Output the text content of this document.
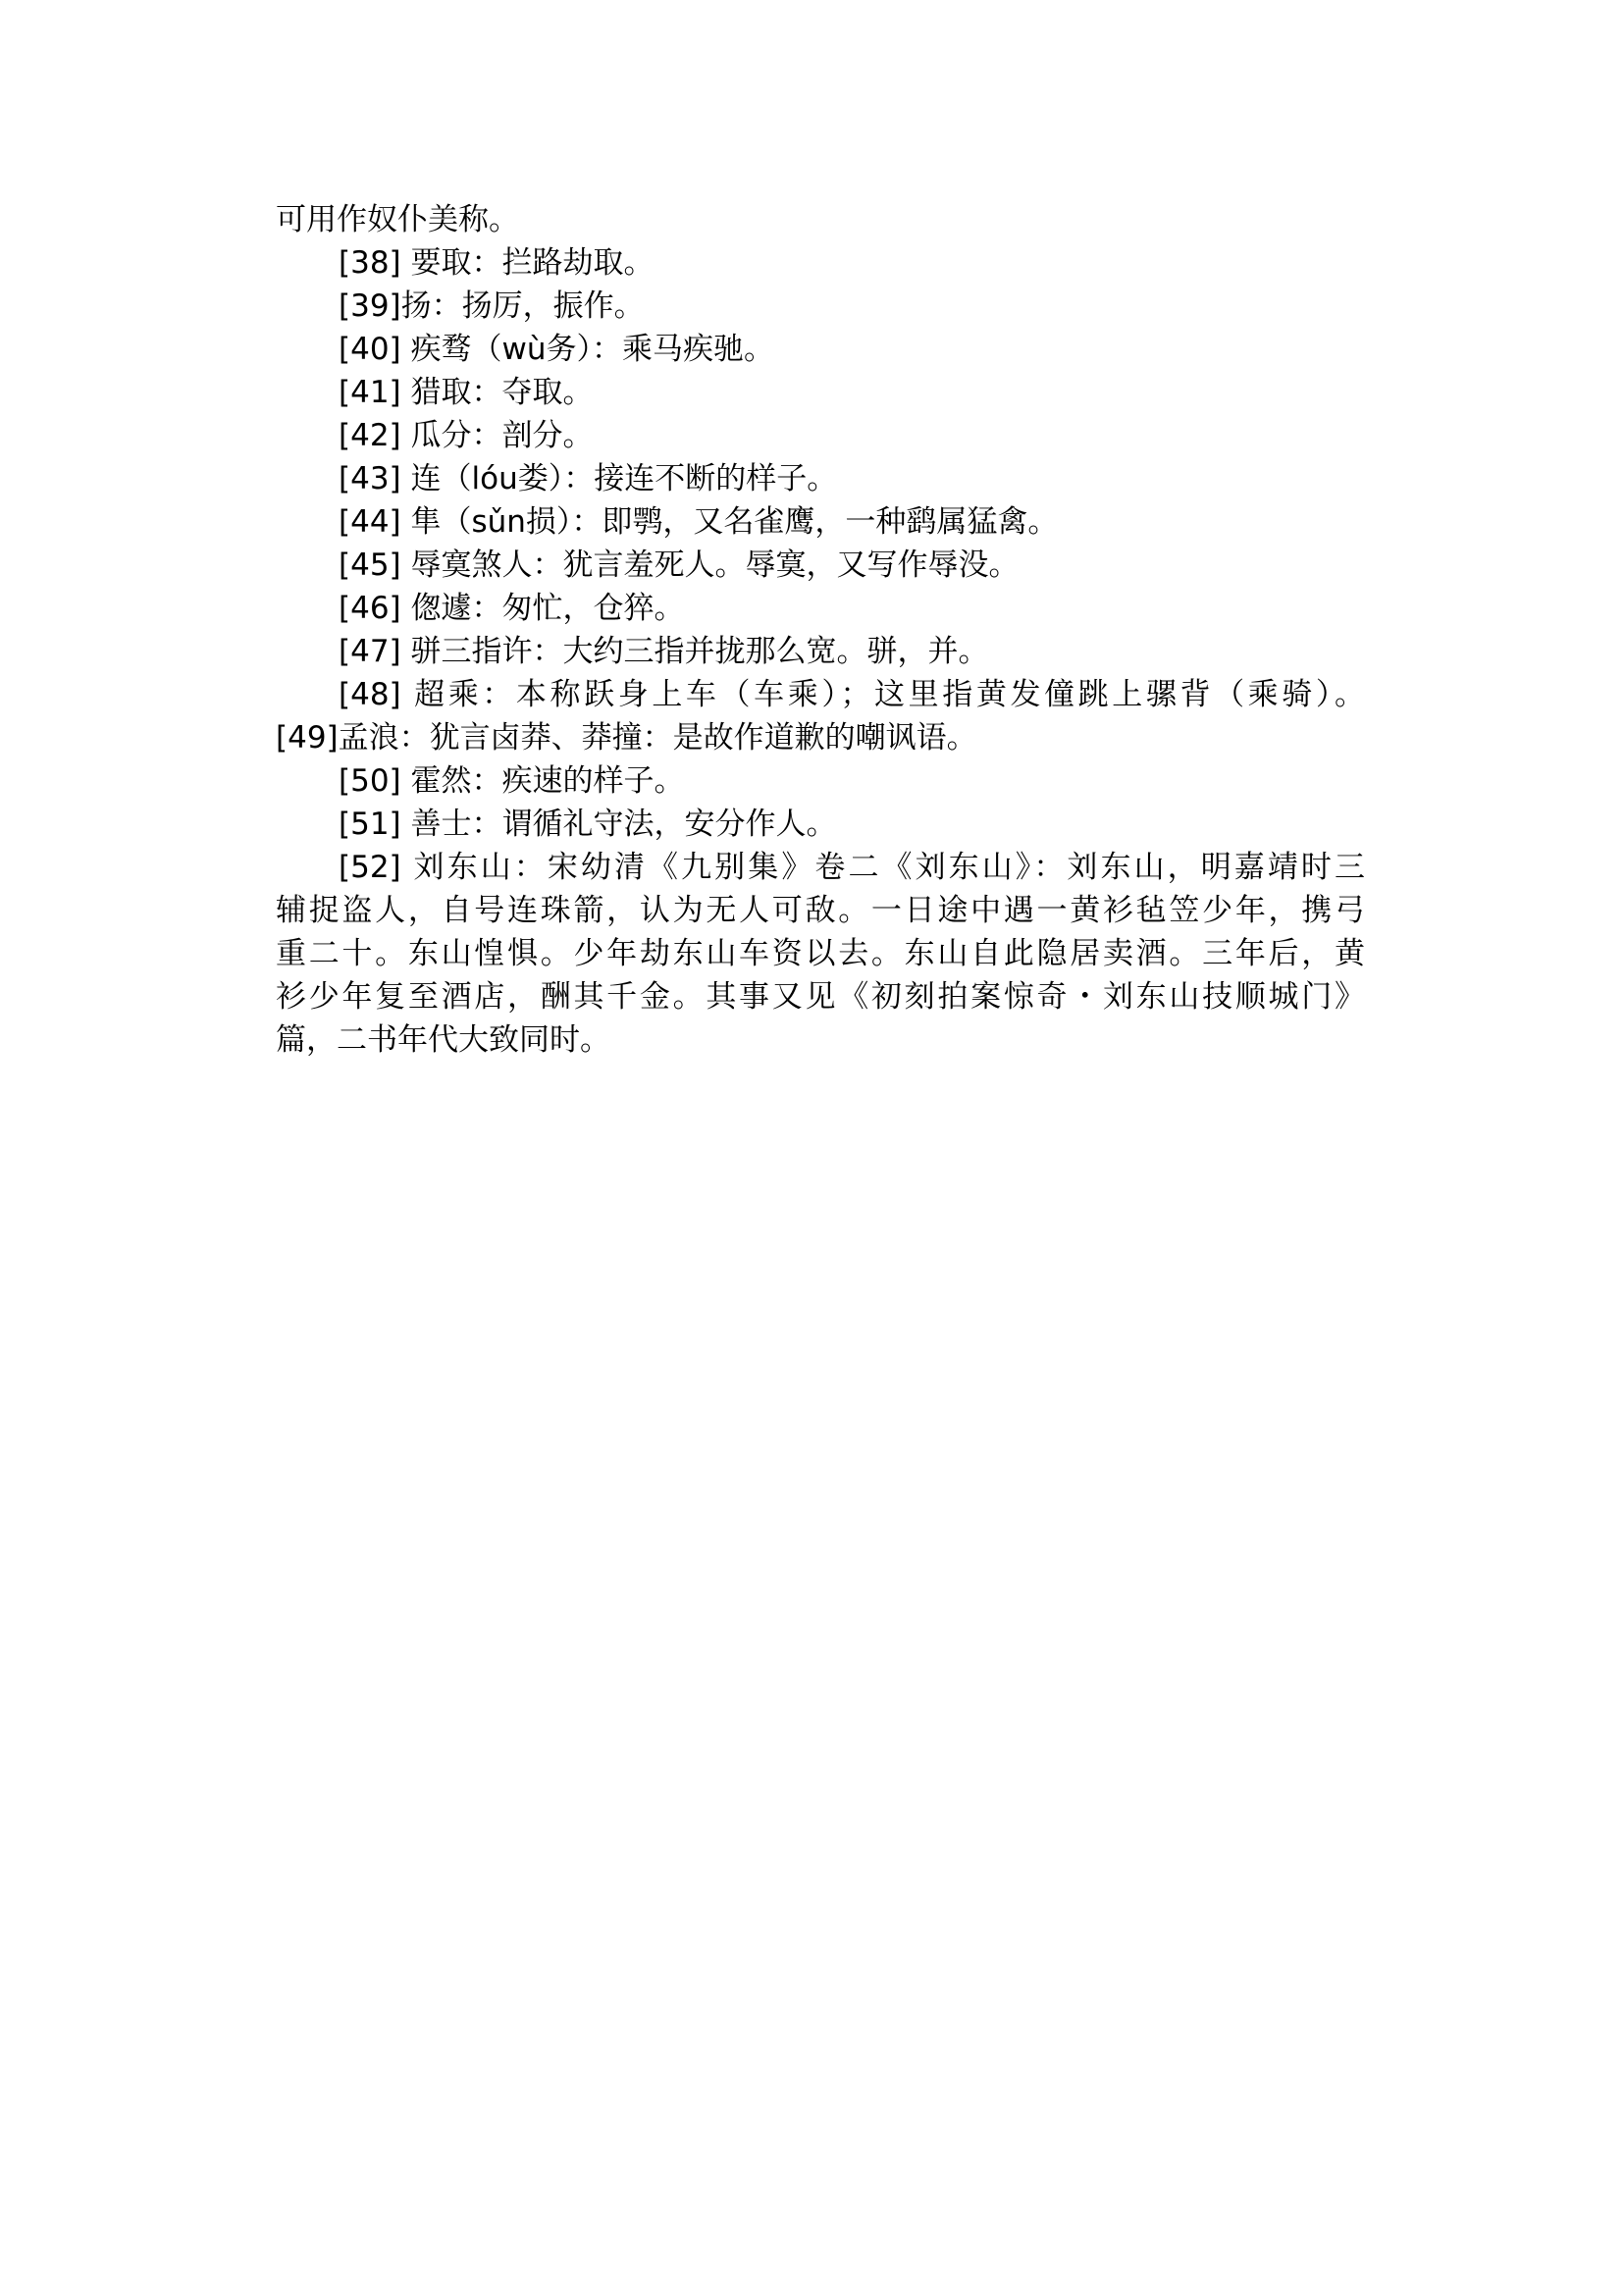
可用作奴仆美称。
[38] 要取：拦路劫取。
[39]扬：扬厉，振作。
[40] 疾骛（wù务）：乘马疾驰。
[41] 猎取：夺取。
[42] 瓜分：剖分。
[43] 连（lóu娄）：接连不断的样子。
[44] 隼（sǔn损）：即鹗，又名雀鹰，一种鹞属猛禽。
[45] 辱寞煞人：犹言羞死人。辱寞，又写作辱没。
[46] 偬遽：匆忙，仓猝。
[47] 骈三指许：大约三指并拢那么宽。骈，并。
[48] 超乘：本称跃身上车（车乘）；这里指黄发僮跳上骡背（乘骑）。
[49]孟浪：犹言卤莽、莽撞：是故作道歉的嘲讽语。
[50] 霍然：疾速的样子。
[51] 善士：谓循礼守法，安分作人。
[52] 刘东山：宋幼清《九别集》卷二《刘东山》：刘东山，明嘉靖时三
辅捉盗人，自号连珠箭，认为无人可敌。一日途中遇一黄衫毡笠少年，携弓
重二十。东山惶惧。少年劫东山车资以去。东山自此隐居卖酒。三年后，黄
衫少年复至酒店，酬其千金。其事又见《初刻拍案惊奇・刘东山技顺城门》
篇，二书年代大致同时。
